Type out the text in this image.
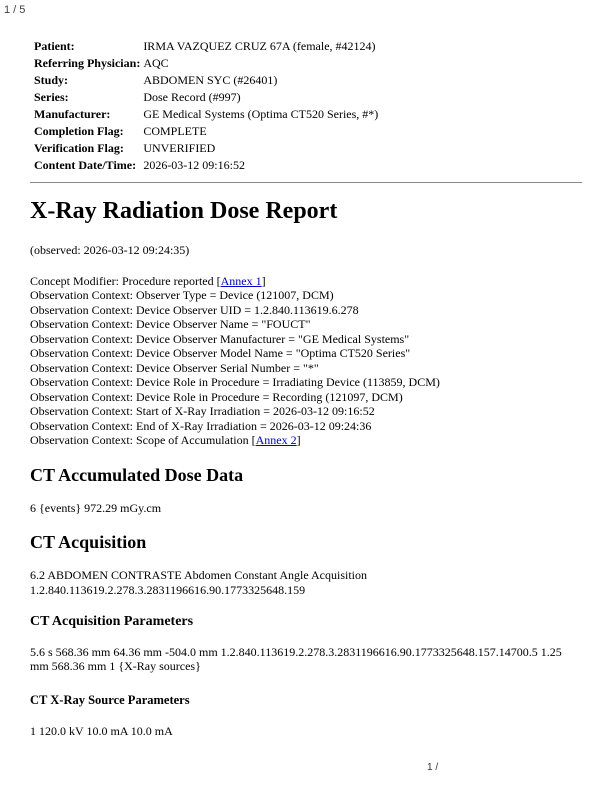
1 / 5
Patient:	IRMA VAZQUEZ CRUZ 67A (female, #42124)
Referring Physician:	AQC
Study:	ABDOMEN SYC (#26401)
Series:	Dose Record (#997)
Manufacturer:	GE Medical Systems (Optima CT520 Series, #*)
Completion Flag:	COMPLETE
Verification Flag:	UNVERIFIED
Content Date/Time:	2026-03-12 09:16:52
X-Ray Radiation Dose Report

(observed: 2026-03-12 09:24:35)

Concept Modifier: Procedure reported [Annex 1]
Observation Context: Observer Type = Device (121007, DCM)
Observation Context: Device Observer UID = 1.2.840.113619.6.278
Observation Context: Device Observer Name = "FOUCT"
Observation Context: Device Observer Manufacturer = "GE Medical Systems"
Observation Context: Device Observer Model Name = "Optima CT520 Series"
Observation Context: Device Observer Serial Number = "*"
Observation Context: Device Role in Procedure = Irradiating Device (113859, DCM)
Observation Context: Device Role in Procedure = Recording (121097, DCM)
Observation Context: Start of X-Ray Irradiation = 2026-03-12 09:16:52
Observation Context: End of X-Ray Irradiation = 2026-03-12 09:24:36
Observation Context: Scope of Accumulation [Annex 2]
CT Accumulated Dose Data

6 {events} 972.29 mGy.cm

CT Acquisition

6.2 ABDOMEN CONTRASTE Abdomen Constant Angle Acquisition
1.2.840.113619.2.278.3.2831196616.90.1773325648.159

CT Acquisition Parameters

5.6 s 568.36 mm 64.36 mm -504.0 mm 1.2.840.113619.2.278.3.2831196616.90.1773325648.157.14700.5 1.25 mm 568.36 mm 1 {X-Ray sources}

CT X-Ray Source Parameters

1 120.0 kV 10.0 mA 10.0 mA

1 /
